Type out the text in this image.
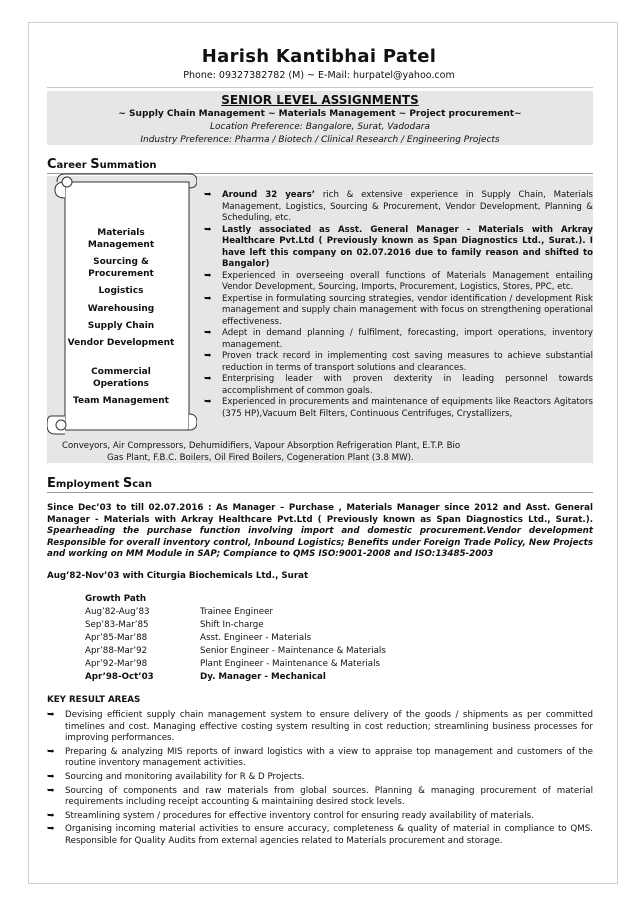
Harish Kantibhai Patel
Phone: 09327382782 (M) ~ E-Mail: hurpatel@yahoo.com
SENIOR LEVEL ASSIGNMENTS
~ Supply Chain Management ~ Materials Management ~ Project procurement~
Location Preference: Bangalore, Surat, Vadodara
Industry Preference: Pharma / Biotech / Clinical Research / Engineering Projects
Career Summation
Materials Management
Sourcing & Procurement
Logistics
Warehousing
Supply Chain
Vendor Development
Commercial Operations
Team Management
➥ Around 32 years’ rich & extensive experience in Supply Chain, Materials Management, Logistics, Sourcing & Procurement, Vendor Development, Planning & Scheduling, etc.
➥ Lastly associated as Asst. General Manager - Materials with Arkray Healthcare Pvt.Ltd ( Previously known as Span Diagnostics Ltd., Surat.). I have left this company on 02.07.2016 due to family reason and shifted to Bangalor)
➥ Experienced in overseeing overall functions of Materials Management entailing Vendor Development, Sourcing, Imports, Procurement, Logistics, Stores, PPC, etc.
➥ Expertise in formulating sourcing strategies, vendor identification / development Risk management and supply chain management with focus on strengthening operational effectiveness.
➥ Adept in demand planning / fulfilment, forecasting, import operations, inventory management.
➥ Proven track record in implementing cost saving measures to achieve substantial reduction in terms of transport solutions and clearances.
➥ Enterprising leader with proven dexterity in leading personnel towards accomplishment of common goals.
➥ Experienced in procurements and maintenance of equipments like Reactors Agitators (375 HP),Vacuum Belt Filters, Continuous Centrifuges, Crystallizers,
Conveyors, Air Compressors, Dehumidifiers, Vapour Absorption Refrigeration Plant, E.T.P. Bio
Gas Plant, F.B.C. Boilers, Oil Fired Boilers, Cogeneration Plant (3.8 MW).
Employment Scan
Since Dec’03 to till 02.07.2016 : As Manager – Purchase , Materials Manager since 2012 and Asst. General Manager - Materials with Arkray Healthcare Pvt.Ltd ( Previously known as Span Diagnostics Ltd., Surat.). Spearheading the purchase function involving import and domestic procurement.Vendor development Responsible for overall inventory control, Inbound Logistics; Benefits under Foreign Trade Policy, New Projects and working on MM Module in SAP; Compiance to QMS ISO:9001-2008 and ISO:13485-2003
Aug’82-Nov’03 with Citurgia Biochemicals Ltd., Surat
Growth Path
Aug’82-Aug’83	Trainee Engineer
Sep’83-Mar’85	Shift In-charge
Apr’85-Mar’88	Asst. Engineer - Materials
Apr’88-Mar’92	Senior Engineer - Maintenance & Materials
Apr’92-Mar’98	Plant Engineer - Maintenance & Materials
Apr’98-Oct’03	Dy. Manager - Mechanical
KEY RESULT AREAS
➥ Devising efficient supply chain management system to ensure delivery of the goods / shipments as per committed timelines and cost. Managing effective costing system resulting in cost reduction; streamlining business processes for improving performances.
➥ Preparing & analyzing MIS reports of inward logistics with a view to appraise top management and customers of the routine inventory management activities.
➥ Sourcing and monitoring availability for R & D Projects.
➥ Sourcing of components and raw materials from global sources. Planning & managing procurement of material requirements including receipt accounting & maintaining desired stock levels.
➥ Streamlining system / procedures for effective inventory control for ensuring ready availability of materials.
➥ Organising incoming material activities to ensure accuracy, completeness & quality of material in compliance to QMS. Responsible for Quality Audits from external agencies related to Materials procurement and storage.
